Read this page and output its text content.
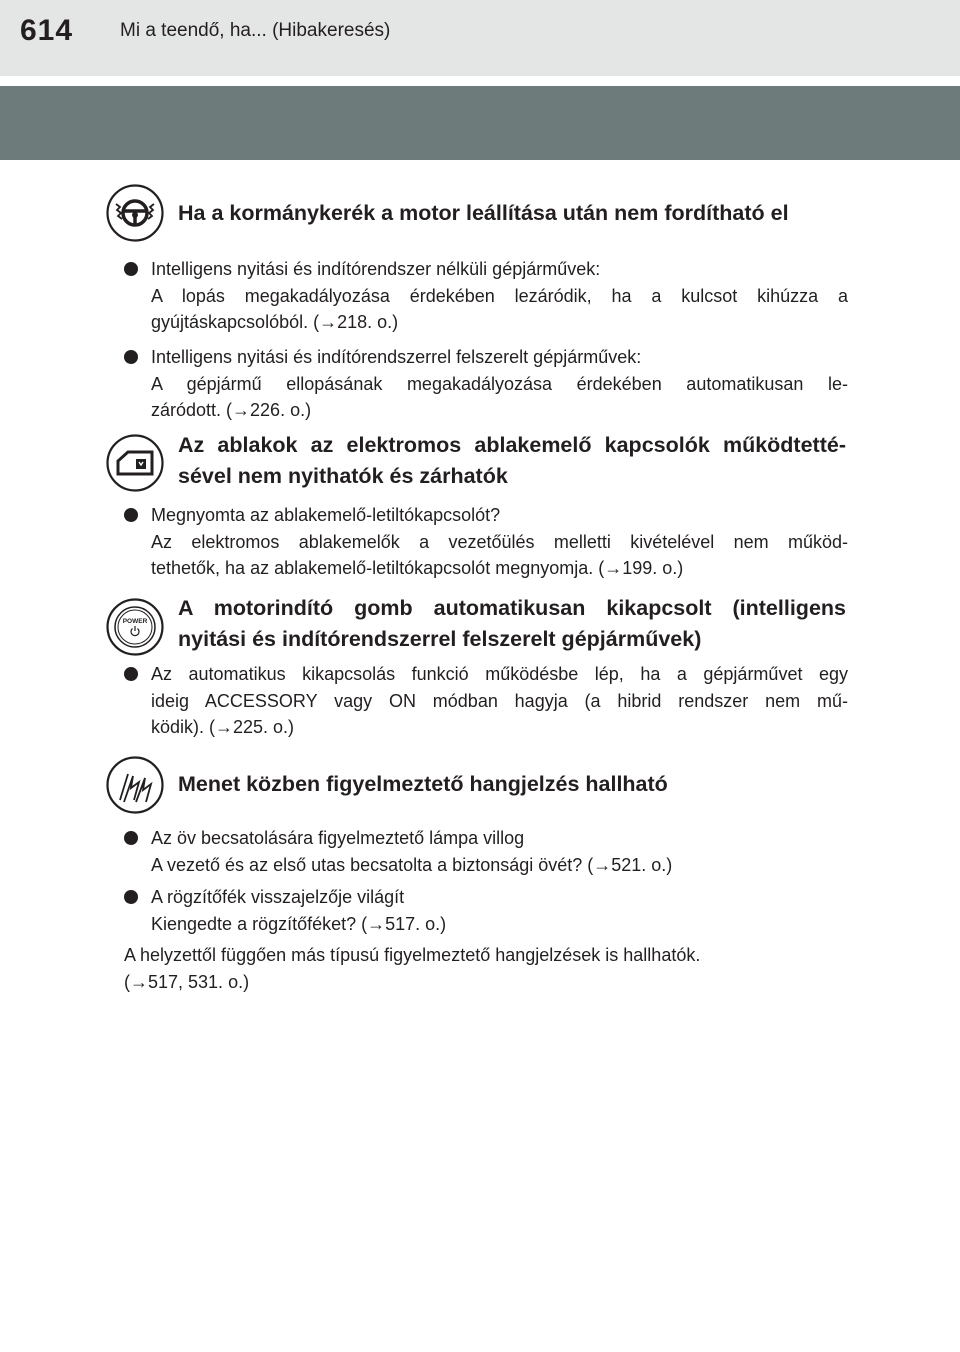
614 Mi a teendő, ha... (Hibakeresés)
Ha a kormánykerék a motor leállítása után nem fordítható el
Intelligens nyitási és indítórendszer nélküli gépjárművek:
A lopás megakadályozása érdekében lezáródik, ha a kulcsot kihúzza a
gyújtáskapcsolóból. (→218. o.)
Intelligens nyitási és indítórendszerrel felszerelt gépjárművek:
A gépjármű ellopásának megakadályozása érdekében automatikusan le-
záródott. (→226. o.)
Az ablakok az elektromos ablakemelő kapcsolók működtetté-
sével nem nyithatók és zárhatók
Megnyomta az ablakemelő-letiltókapcsolót?
Az elektromos ablakemelők a vezetőülés melletti kivételével nem működ-
tethetők, ha az ablakemelő-letiltókapcsolót megnyomja. (→199. o.)
POWER
A motorindító gomb automatikusan kikapcsolt (intelligens
nyitási és indítórendszerrel felszerelt gépjárművek)
Az automatikus kikapcsolás funkció működésbe lép, ha a gépjárművet egy
ideig ACCESSORY vagy ON módban hagyja (a hibrid rendszer nem mű-
ködik). (→225. o.)
Menet közben figyelmeztető hangjelzés hallható
Az öv becsatolására figyelmeztető lámpa villog
A vezető és az első utas becsatolta a biztonsági övét? (→521. o.)
A rögzítőfék visszajelzője világít
Kiengedte a rögzítőféket? (→517. o.)
A helyzettől függően más típusú figyelmeztető hangjelzések is hallhatók.
(→517, 531. o.)
